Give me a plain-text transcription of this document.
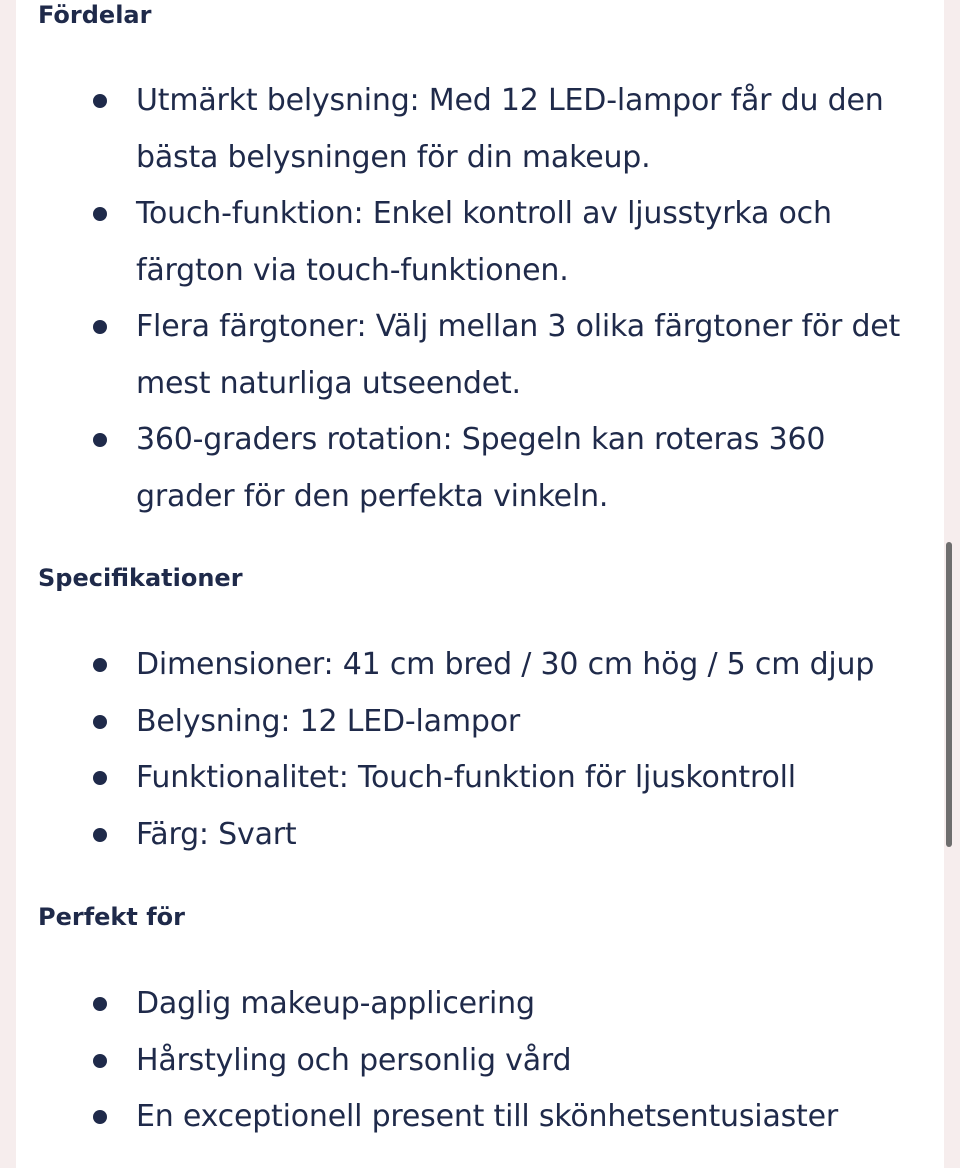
Fördelar
Utmärkt belysning: Med 12 LED-lampor får du den bästa belysningen för din makeup.
Touch-funktion: Enkel kontroll av ljusstyrka och färgton via touch-funktionen.
Flera färgtoner: Välj mellan 3 olika färgtoner för det mest naturliga utseendet.
360-graders rotation: Spegeln kan roteras 360 grader för den perfekta vinkeln.
Specifikationer
Dimensioner: 41 cm bred / 30 cm hög / 5 cm djup
Belysning: 12 LED-lampor
Funktionalitet: Touch-funktion för ljuskontroll
Färg: Svart
Perfekt för
Daglig makeup-applicering
Hårstyling och personlig vård
En exceptionell present till skönhetsentusiaster
